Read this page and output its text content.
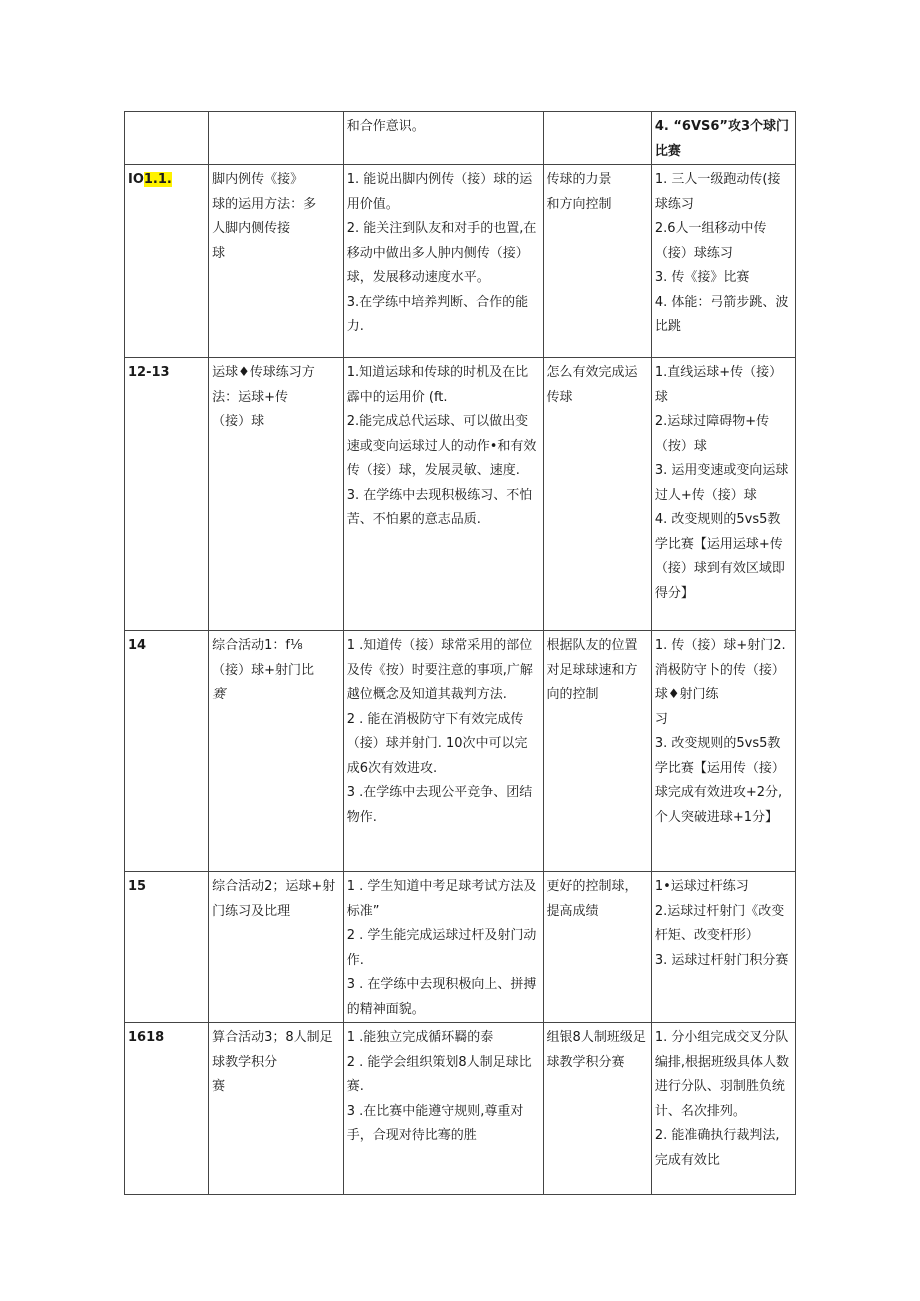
		和合作意识。		4. “6VS6”攻3个球门比赛

IO1.1.	脚内例传《接》
球的运用方法：多
人脚内侧传接
球	1. 能说出脚内例传（接）球的运用价值。
2. 能关注到队友和对手的也置,在移动中做出多人肿内侧传（接）球，发展移动速度水平。
3.在学练中培养判断、合作的能力.	传球的力景
和方向控制	1. 三人一级跑动传(接球练习
2.6人一组移动中传（接）球练习
3. 传《接》比赛
4. 体能：弓箭步跳、波比跳

12-13	运球♦传球练习方法：运球+传
（接）球	1.知道运球和传球的时机及在比霹中的运用价 (ft.
2.能完成总代运球、可以做出变速或变向运球过人的动作•和有效传（接）球，发展灵敏、速度.
3. 在学练中去现积极练习、不怕苦、不怕累的意志品质.	怎么有效完成运传球	1.直线运球+传（接）球
2.运球过障碍物+传（按）球
3. 运用变速或变向运球过人+传（接）球
4. 改变规则的5vs5教学比赛【运用运球+传（接）球到有效区域即得分】

14	综合活动1：f⅛
（接）球+射门比
赛	1 .知道传（接）球常采用的部位及传《按）时要注意的事项,广解越位概念及知道其裁判方法.
2 . 能在消极防守下有效完成传（接）球并射门. 10次中可以完成6次有效进攻.
3 .在学练中去现公平竞争、团结物作.	根据队友的位置对足球球速和方向的控制	1. 传（接）球+射门2.消极防守卜的传（接）球♦射门练
习
3. 改变规则的5vs5教学比赛【运用传（接）球完成有效进攻+2分,个人突破进球+1分】

15	综合活动2；运球+射门练习及比理	1 . 学生知道中考足球考试方法及标准”
2 . 学生能完成运球过杆及射门动作.
3 . 在学练中去现积极向上、拼搏的精神面貌。	更好的控制球，
提高成绩	1•运球过杆练习
2.运球过杆射门《改变杆矩、改变杆形）
3. 运球过杆射门积分赛

1618	算合活动3；8人制足球教学积分
赛	1 .能独立完成循环羇的泰
2 . 能学会组织策划8人制足球比赛.
3 .在比赛中能遵守规则,尊重对手，合现对待比骞的胜	组银8人制班级足球教学积分赛	1. 分小组完成交叉分队编排,根据班级具体人数进行分队、羽制胜负统计、名次排列。
2. 能准确执行裁判法,完成有效比
